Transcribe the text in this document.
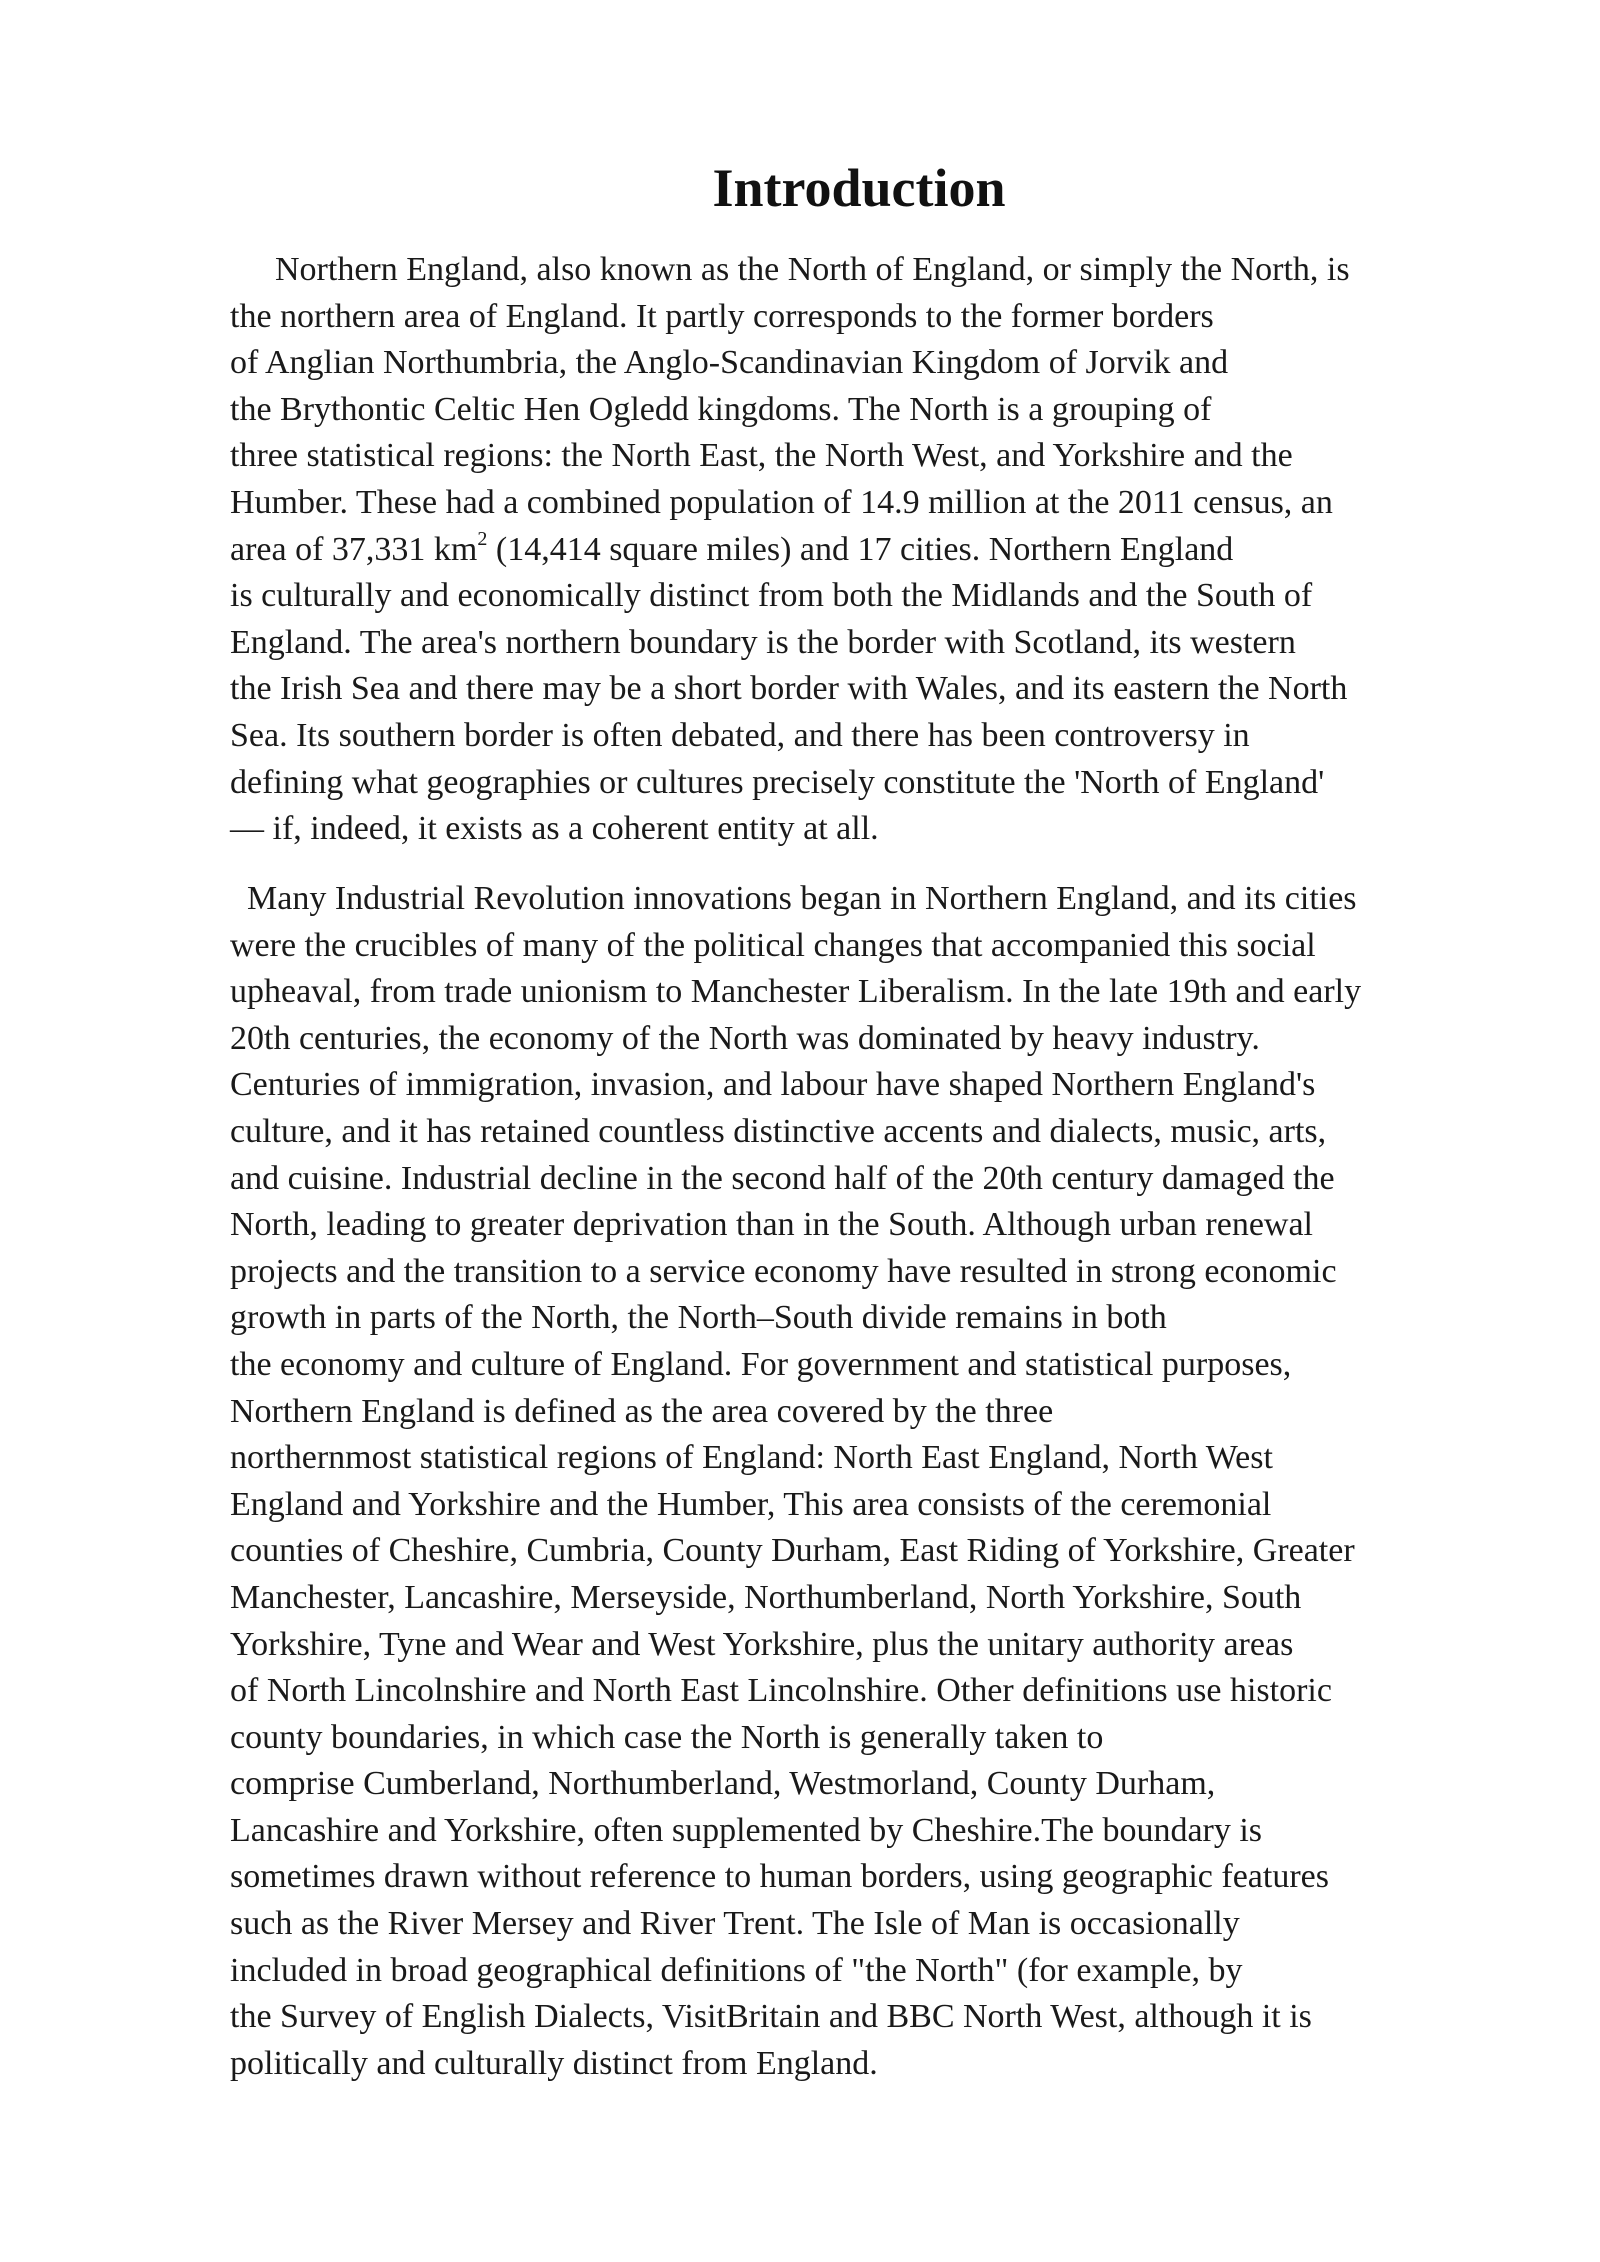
Introduction
Northern England, also known as the North of England, or simply the North, is
the northern area of England. It partly corresponds to the former borders
of Anglian Northumbria, the Anglo-Scandinavian Kingdom of Jorvik and
the Brythontic Celtic Hen Ogledd kingdoms. The North is a grouping of
three statistical regions: the North East, the North West, and Yorkshire and the
Humber. These had a combined population of 14.9 million at the 2011 census, an
area of 37,331 $km^2$ (14,414 square miles) and 17 cities. Northern England
is culturally and economically distinct from both the Midlands and the South of
England. The area's northern boundary is the border with Scotland, its western
the Irish Sea and there may be a short border with Wales, and its eastern the North
Sea. Its southern border is often debated, and there has been controversy in
defining what geographies or cultures precisely constitute the 'North of England'
— if, indeed, it exists as a coherent entity at all.
Many Industrial Revolution innovations began in Northern England, and its cities
were the crucibles of many of the political changes that accompanied this social
upheaval, from trade unionism to Manchester Liberalism. In the late 19th and early
20th centuries, the economy of the North was dominated by heavy industry.
Centuries of immigration, invasion, and labour have shaped Northern England's
culture, and it has retained countless distinctive accents and dialects, music, arts,
and cuisine. Industrial decline in the second half of the 20th century damaged the
North, leading to greater deprivation than in the South. Although urban renewal
projects and the transition to a service economy have resulted in strong economic
growth in parts of the North, the North–South divide remains in both
the economy and culture of England. For government and statistical purposes,
Northern England is defined as the area covered by the three
northernmost statistical regions of England: North East England, North West
England and Yorkshire and the Humber, This area consists of the ceremonial
counties of Cheshire, Cumbria, County Durham, East Riding of Yorkshire, Greater
Manchester, Lancashire, Merseyside, Northumberland, North Yorkshire, South
Yorkshire, Tyne and Wear and West Yorkshire, plus the unitary authority areas
of North Lincolnshire and North East Lincolnshire. Other definitions use historic
county boundaries, in which case the North is generally taken to
comprise Cumberland, Northumberland, Westmorland, County Durham,
Lancashire and Yorkshire, often supplemented by Cheshire.The boundary is
sometimes drawn without reference to human borders, using geographic features
such as the River Mersey and River Trent. The Isle of Man is occasionally
included in broad geographical definitions of "the North" (for example, by
the Survey of English Dialects, VisitBritain and BBC North West, although it is
politically and culturally distinct from England.
